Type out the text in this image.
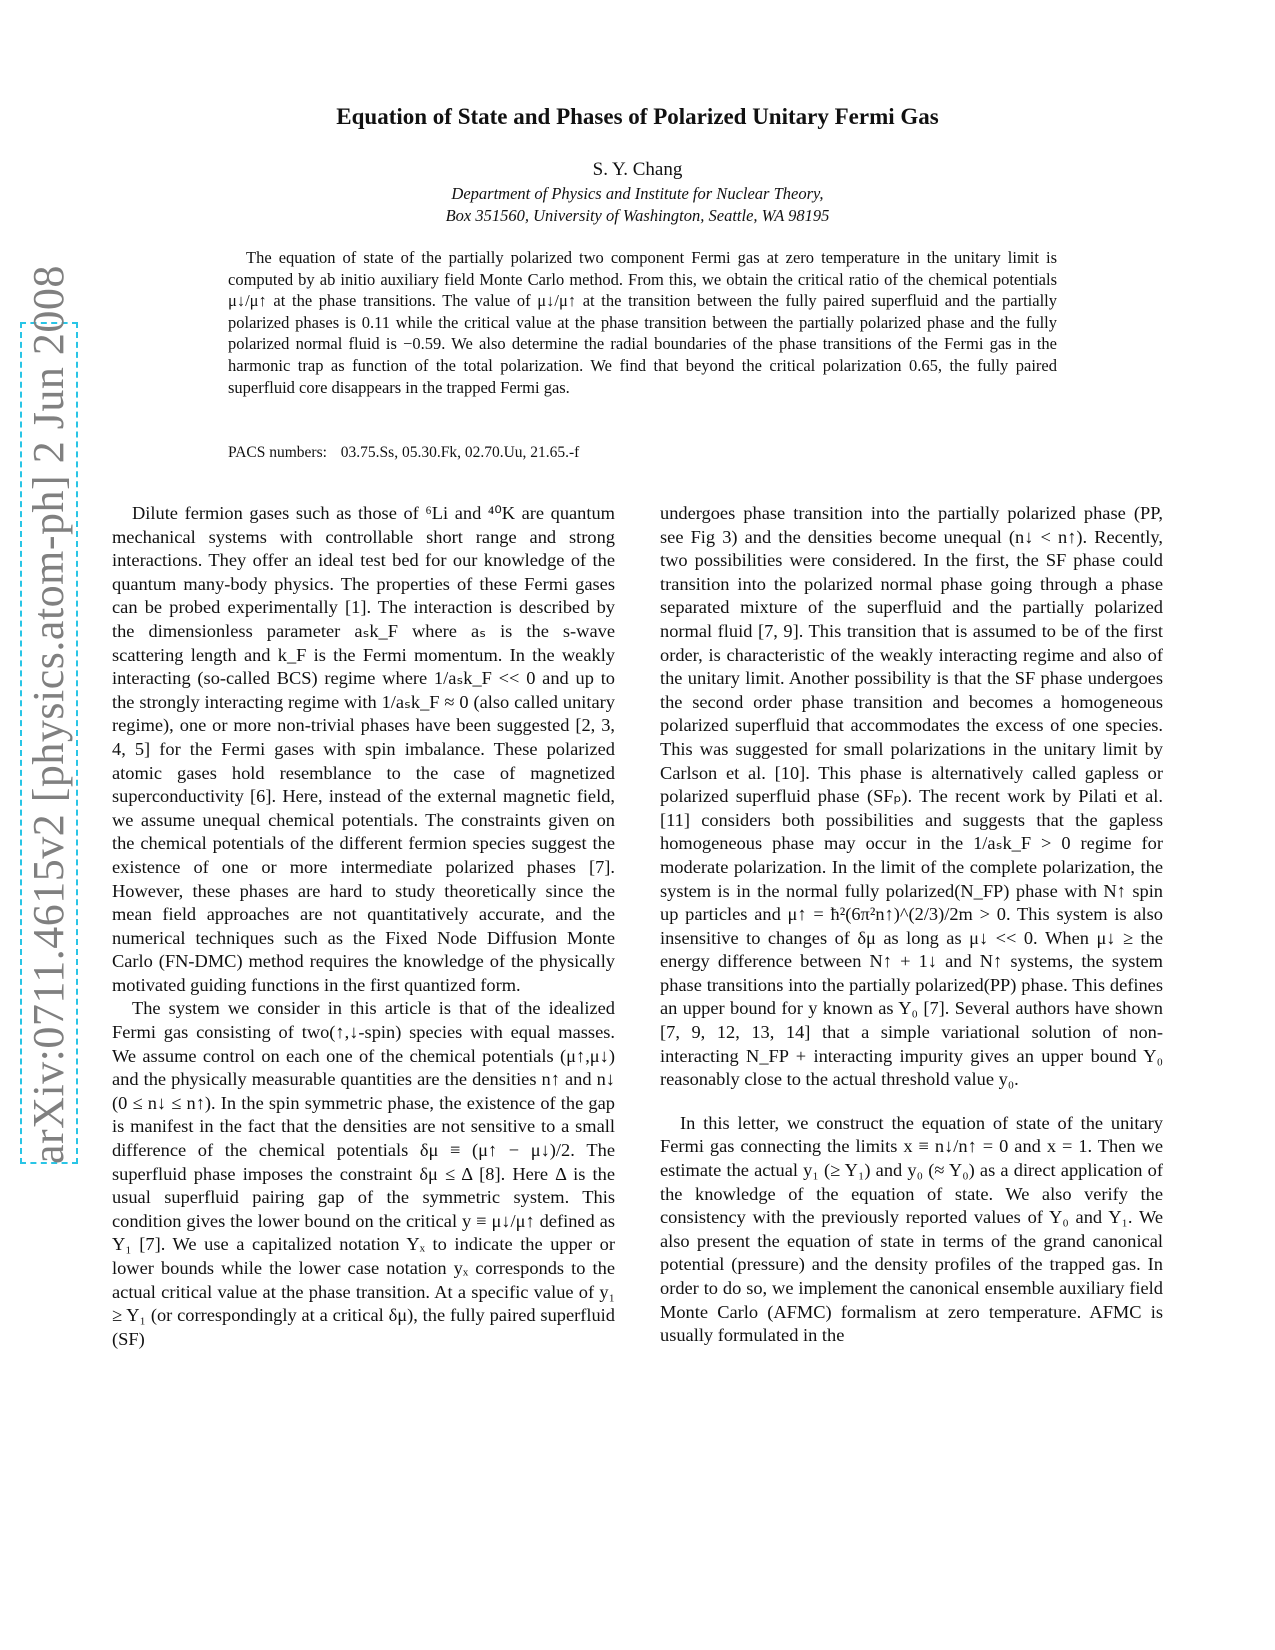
arXiv:0711.4615v2 [physics.atom-ph] 2 Jun 2008
Equation of State and Phases of Polarized Unitary Fermi Gas
S. Y. Chang
Department of Physics and Institute for Nuclear Theory,
Box 351560, University of Washington, Seattle, WA 98195

The equation of state of the partially polarized two component Fermi gas at zero temperature in the unitary limit is computed by ab initio auxiliary field Monte Carlo method. From this, we obtain the critical ratio of the chemical potentials μ↓/μ↑ at the phase transitions. The value of μ↓/μ↑ at the transition between the fully paired superfluid and the partially polarized phases is 0.11 while the critical value at the phase transition between the partially polarized phase and the fully polarized normal fluid is −0.59. We also determine the radial boundaries of the phase transitions of the Fermi gas in the harmonic trap as function of the total polarization. We find that beyond the critical polarization 0.65, the fully paired superfluid core disappears in the trapped Fermi gas.

PACS numbers: 03.75.Ss, 05.30.Fk, 02.70.Uu, 21.65.-f

Dilute fermion gases such as those of ⁶Li and ⁴⁰K are quantum mechanical systems with controllable short range and strong interactions. They offer an ideal test bed for our knowledge of the quantum many-body physics. The properties of these Fermi gases can be probed experimentally [1]. The interaction is described by the dimensionless parameter aₛk_F where aₛ is the s-wave scattering length and k_F is the Fermi momentum. In the weakly interacting (so-called BCS) regime where 1/aₛk_F << 0 and up to the strongly interacting regime with 1/aₛk_F ≈ 0 (also called unitary regime), one or more non-trivial phases have been suggested [2, 3, 4, 5] for the Fermi gases with spin imbalance. These polarized atomic gases hold resemblance to the case of magnetized superconductivity [6]. Here, instead of the external magnetic field, we assume unequal chemical potentials. The constraints given on the chemical potentials of the different fermion species suggest the existence of one or more intermediate polarized phases [7]. However, these phases are hard to study theoretically since the mean field approaches are not quantitatively accurate, and the numerical techniques such as the Fixed Node Diffusion Monte Carlo (FN-DMC) method requires the knowledge of the physically motivated guiding functions in the first quantized form.

The system we consider in this article is that of the idealized Fermi gas consisting of two(↑,↓-spin) species with equal masses. We assume control on each one of the chemical potentials (μ↑,μ↓) and the physically measurable quantities are the densities n↑ and n↓ (0 ≤ n↓ ≤ n↑). In the spin symmetric phase, the existence of the gap is manifest in the fact that the densities are not sensitive to a small difference of the chemical potentials δμ ≡ (μ↑ − μ↓)/2. The superfluid phase imposes the constraint δμ ≤ Δ [8]. Here Δ is the usual superfluid pairing gap of the symmetric system. This condition gives the lower bound on the critical y ≡ μ↓/μ↑ defined as Y₁ [7]. We use a capitalized notation Yₓ to indicate the upper or lower bounds while the lower case notation yₓ corresponds to the actual critical value at the phase transition. At a specific value of y₁ ≥ Y₁ (or correspondingly at a critical δμ), the fully paired superfluid (SF)

undergoes phase transition into the partially polarized phase (PP, see Fig 3) and the densities become unequal (n↓ < n↑). Recently, two possibilities were considered. In the first, the SF phase could transition into the polarized normal phase going through a phase separated mixture of the superfluid and the partially polarized normal fluid [7, 9]. This transition that is assumed to be of the first order, is characteristic of the weakly interacting regime and also of the unitary limit. Another possibility is that the SF phase undergoes the second order phase transition and becomes a homogeneous polarized superfluid that accommodates the excess of one species. This was suggested for small polarizations in the unitary limit by Carlson et al. [10]. This phase is alternatively called gapless or polarized superfluid phase (SFₚ). The recent work by Pilati et al. [11] considers both possibilities and suggests that the gapless homogeneous phase may occur in the 1/aₛk_F > 0 regime for moderate polarization. In the limit of the complete polarization, the system is in the normal fully polarized(N_FP) phase with N↑ spin up particles and μ↑ = ħ²(6π²n↑)^(2/3)/2m > 0. This system is also insensitive to changes of δμ as long as μ↓ << 0. When μ↓ ≥ the energy difference between N↑ + 1↓ and N↑ systems, the system phase transitions into the partially polarized(PP) phase. This defines an upper bound for y known as Y₀ [7]. Several authors have shown [7, 9, 12, 13, 14] that a simple variational solution of non-interacting N_FP + interacting impurity gives an upper bound Y₀ reasonably close to the actual threshold value y₀.

In this letter, we construct the equation of state of the unitary Fermi gas connecting the limits x ≡ n↓/n↑ = 0 and x = 1. Then we estimate the actual y₁ (≥ Y₁) and y₀ (≈ Y₀) as a direct application of the knowledge of the equation of state. We also verify the consistency with the previously reported values of Y₀ and Y₁. We also present the equation of state in terms of the grand canonical potential (pressure) and the density profiles of the trapped gas. In order to do so, we implement the canonical ensemble auxiliary field Monte Carlo (AFMC) formalism at zero temperature. AFMC is usually formulated in the
